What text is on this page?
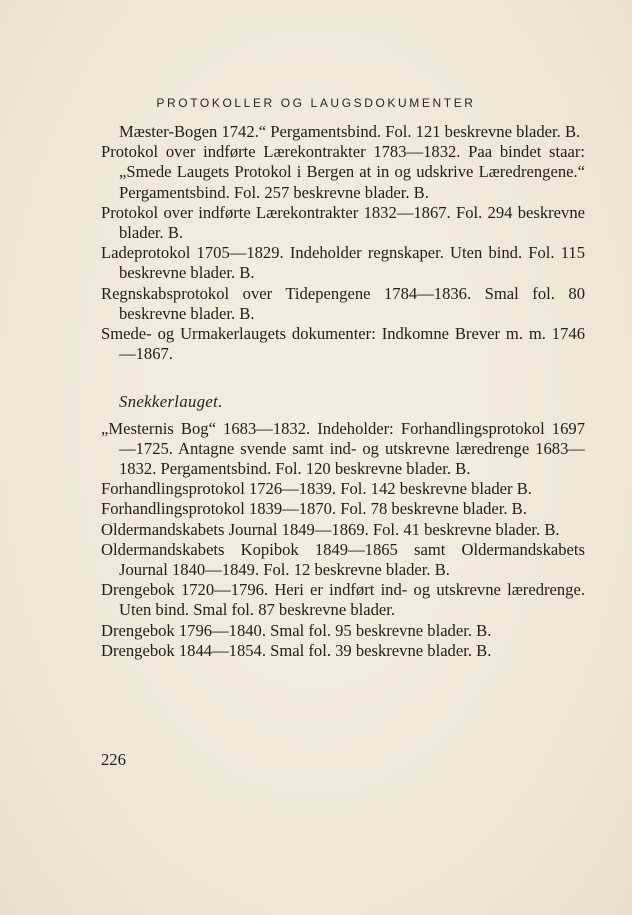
PROTOKOLLER OG LAUGSDOKUMENTER

Mæster-Bogen 1742.“ Pergamentsbind. Fol. 121 beskrevne blader. B.

Protokol over indførte Lærekontrakter 1783—1832. Paa bindet staar: „Smede Laugets Protokol i Bergen at in og udskrive Læredrengene.“ Pergamentsbind. Fol. 257 beskrevne blader. B.

Protokol over indførte Lærekontrakter 1832—1867. Fol. 294 beskrevne blader. B.

Ladeprotokol 1705—1829. Indeholder regnskaper. Uten bind. Fol. 115 beskrevne blader. B.

Regnskabsprotokol over Tidepengene 1784—1836. Smal fol. 80 beskrevne blader. B.

Smede- og Urmakerlaugets dokumenter: Indkomne Brever m. m. 1746—1867.

Snekkerlauget.

„Mesternis Bog“ 1683—1832. Indeholder: Forhandlingsprotokol 1697—1725. Antagne svende samt ind- og utskrevne læredrenge 1683—1832. Pergamentsbind. Fol. 120 beskrevne blader. B.

Forhandlingsprotokol 1726—1839. Fol. 142 beskrevne blader B.

Forhandlingsprotokol 1839—1870. Fol. 78 beskrevne blader. B.

Oldermandskabets Journal 1849—1869. Fol. 41 beskrevne blader. B.

Oldermandskabets Kopibok 1849—1865 samt Oldermandskabets Journal 1840—1849. Fol. 12 beskrevne blader. B.

Drengebok 1720—1796. Heri er indført ind- og utskrevne læredrenge. Uten bind. Smal fol. 87 beskrevne blader.

Drengebok 1796—1840. Smal fol. 95 beskrevne blader. B.

Drengebok 1844—1854. Smal fol. 39 beskrevne blader. B.

226
